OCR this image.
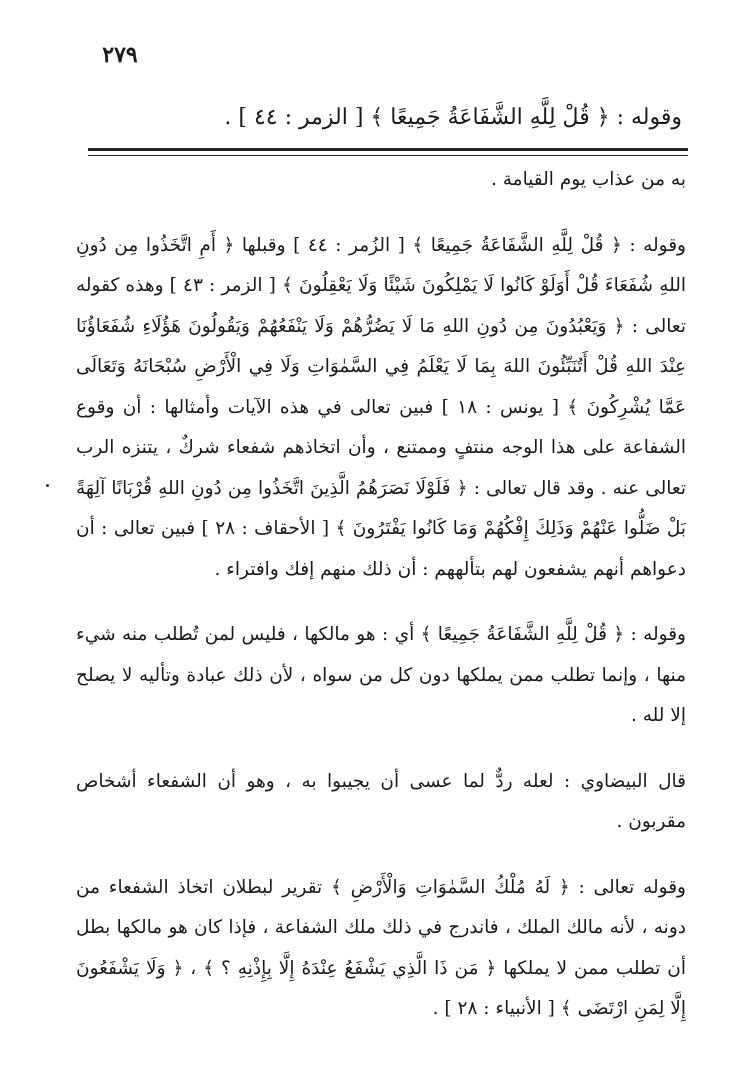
٢٧٩
وقوله : ﴿ قُلْ لِلَّهِ الشَّفَاعَةُ جَمِيعًا ﴾ [ الزمر : ٤٤ ] .

به من عذاب يوم القيامة .

وقوله : ﴿ قُلْ لِلَّهِ الشَّفَاعَةُ جَمِيعًا ﴾ [ الزُمر : ٤٤ ] وقبلها ﴿ أَمِ اتَّخَذُوا مِن دُونِ اللهِ شُفَعَاءَ قُلْ أَوَلَوْ كَانُوا لَا يَمْلِكُونَ شَيْئًا وَلَا يَعْقِلُونَ ﴾ [ الزمر : ٤٣ ] وهذه كقوله تعالى : ﴿ وَيَعْبُدُونَ مِن دُونِ اللهِ مَا لَا يَضُرُّهُمْ وَلَا يَنْفَعُهُمْ وَيَقُولُونَ هَؤُلَاءِ شُفَعَاؤُنَا عِنْدَ اللهِ قُلْ أَتُنَبِّئُونَ اللهَ بِمَا لَا يَعْلَمُ فِي السَّمٰوَاتِ وَلَا فِي الْأَرْضِ سُبْحَانَهُ وَتَعَالَى عَمَّا يُشْرِكُونَ ﴾ [ يونس : ١٨ ] فبين تعالى في هذه الآيات وأمثالها : أن وقوع الشفاعة على هذا الوجه منتفٍ وممتنع ، وأن اتخاذهم شفعاء شركٌ ، يتنزه الرب تعالى عنه . وقد قال تعالى : ﴿ فَلَوْلَا نَصَرَهُمُ الَّذِينَ اتَّخَذُوا مِن دُونِ اللهِ قُرْبَانًا آلِهَةً بَلْ ضَلُّوا عَنْهُمْ وَذَلِكَ إِفْكُهُمْ وَمَا كَانُوا يَفْتَرُونَ ﴾ [ الأحقاف : ٢٨ ] فبين تعالى : أن دعواهم أنهم يشفعون لهم بتألههم : أن ذلك منهم إفك وافتراء .

وقوله : ﴿ قُلْ لِلَّهِ الشَّفَاعَةُ جَمِيعًا ﴾ أي : هو مالكها ، فليس لمن تُطلب منه شيء منها ، وإنما تطلب ممن يملكها دون كل من سواه ، لأن ذلك عبادة وتأليه لا يصلح إلا لله .

قال البيضاوي : لعله ردٌّ لما عسى أن يجيبوا به ، وهو أن الشفعاء أشخاص مقربون .

وقوله تعالى : ﴿ لَهُ مُلْكُ السَّمٰوَاتِ وَالْأَرْضِ ﴾ تقرير لبطلان اتخاذ الشفعاء من دونه ، لأنه مالك الملك ، فاندرج في ذلك ملك الشفاعة ، فإذا كان هو مالكها بطل أن تطلب ممن لا يملكها ﴿ مَن ذَا الَّذِي يَشْفَعُ عِنْدَهُ إِلَّا بِإِذْنِهِ ؟ ﴾ ، ﴿ وَلَا يَشْفَعُونَ إِلَّا لِمَنِ ارْتَضَى ﴾ [ الأنبياء : ٢٨ ] .
